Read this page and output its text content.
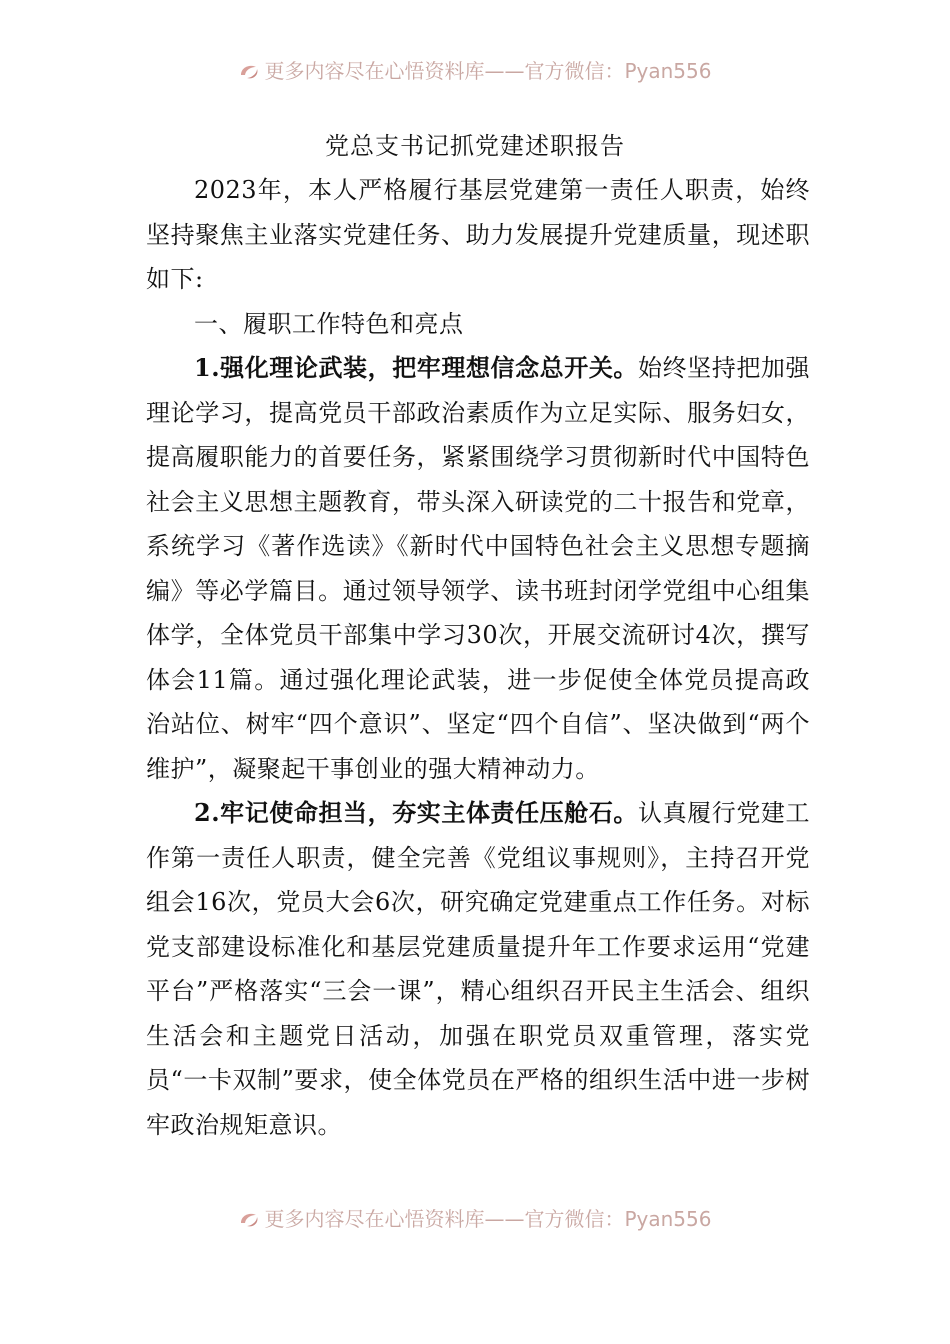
更多内容尽在心悟资料库——官方微信：Pyan556
党总支书记抓党建述职报告

2023年，本人严格履行基层党建第一责任人职责，始终坚持聚焦主业落实党建任务、助力发展提升党建质量，现述职如下:

一、履职工作特色和亮点

1.强化理论武装，把牢理想信念总开关。始终坚持把加强理论学习，提高党员干部政治素质作为立足实际、服务妇女，提高履职能力的首要任务，紧紧围绕学习贯彻新时代中国特色社会主义思想主题教育，带头深入研读党的二十报告和党章，系统学习《著作选读》《新时代中国特色社会主义思想专题摘编》等必学篇目。通过领导领学、读书班封闭学党组中心组集体学，全体党员干部集中学习30次，开展交流研讨4次，撰写体会11篇。通过强化理论武装，进一步促使全体党员提高政治站位、树牢“四个意识”、坚定“四个自信”、坚决做到“两个维护”，凝聚起干事创业的强大精神动力。

2.牢记使命担当，夯实主体责任压舱石。认真履行党建工作第一责任人职责，健全完善《党组议事规则》，主持召开党组会16次，党员大会6次，研究确定党建重点工作任务。对标党支部建设标准化和基层党建质量提升年工作要求运用“党建平台”严格落实“三会一课”，精心组织召开民主生活会、组织生活会和主题党日活动，加强在职党员双重管理，落实党员“一卡双制”要求，使全体党员在严格的组织生活中进一步树牢政治规矩意识。

更多内容尽在心悟资料库——官方微信：Pyan556
